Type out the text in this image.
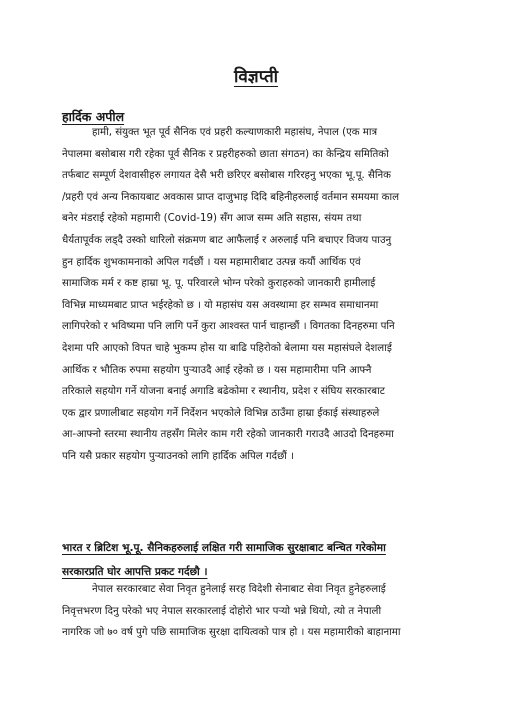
विज्ञप्ती
हार्दिक अपील
हामी, संयुक्त भूत पूर्व सैनिक एवं प्रहरी कल्याणकारी महासंघ, नेपाल (एक मात्र
नेपालमा बसोबास गरी रहेका पूर्व सैनिक र प्रहरीहरुको छाता संगठन) का केन्द्रिय समितिको
तर्फबाट सम्पूर्ण देशवासीहरु लगायत देसै भरी छरिएर बसोबास गरिरहनु भएका भू.पू. सैनिक
/प्रहरी एवं अन्य निकायबाट अवकास प्राप्त दाजुभाइ दिदि बहिनीहरुलाई वर्तमान समयमा काल
बनेर मंडराई रहेको महामारी (Covid-19) सँग आज सम्म अति सहास, संयम तथा
धैर्यतापूर्वक लड्दै उस्को धारिलो संक्रमण बाट आफैलाई र अरुलाई पनि बचाएर विजय पाउनु
हुन हार्दिक शुभकामनाको अपिल गर्दछौं । यस महामारीबाट उत्पन्न कयौं आर्थिक एवं
सामाजिक मर्म र कष्ट हाम्रा भू. पू. परिवारले भोग्न परेको कुराहरुको जानकारी हामीलाई
विभिन्न माध्यमबाट प्राप्त भईरहेको छ । यो महासंघ यस अवस्थामा हर सम्भव समाधानमा
लागिपरेको र भविष्यमा पनि लागि पर्ने कुरा आश्वस्त पार्न चाहान्छौं । विगतका दिनहरुमा पनि
देशमा परि आएको विपत चाहे भुकम्प होस या बाढि पहिरोको बेलामा यस महासंघले देशलाई
आर्थिक र भौतिक रुपमा सहयोग पुर्‍याउदै आई रहेको छ । यस महामारीमा पनि आफ्नै
तरिकाले सहयोग गर्ने योजना बनाई अगाडि बढेकोमा र स्थानीय, प्रदेश र संघिय सरकारबाट
एक द्वार प्रणालीबाट सहयोग गर्ने निर्देशन भएकोले विभिन्न ठाउँमा हाम्रा ईकाई संस्थाहरुले
आ-आफ्नो स्तरमा स्थानीय तहसँग मिलेर काम गरी रहेको जानकारी गराउदै आउदो दिनहरुमा
पनि यसै प्रकार सहयोग पुर्‍याउनको लागि हार्दिक अपिल गर्दछौं ।
भारत र ब्रिटिश भू.पू. सैनिकहरुलाई लक्षित गरी सामाजिक सुरक्षाबाट बन्चित गरेकोमा
सरकारप्रति घोर आपत्ति प्रकट गर्दछौ ।
नेपाल सरकारबाट सेवा निवृत हुनेलाई सरह विदेशी सेनाबाट सेवा निवृत हुनेहरुलाई
निवृत्तभरण दिनु परेको भए नेपाल सरकारलाई दोहोरो भार पर्‍यो भन्ने थियो, त्यो त नेपाली
नागरिक जो ७० वर्ष पुगे पछि सामाजिक सुरक्षा दायित्वको पात्र हो । यस महामारीको बाहानामा
